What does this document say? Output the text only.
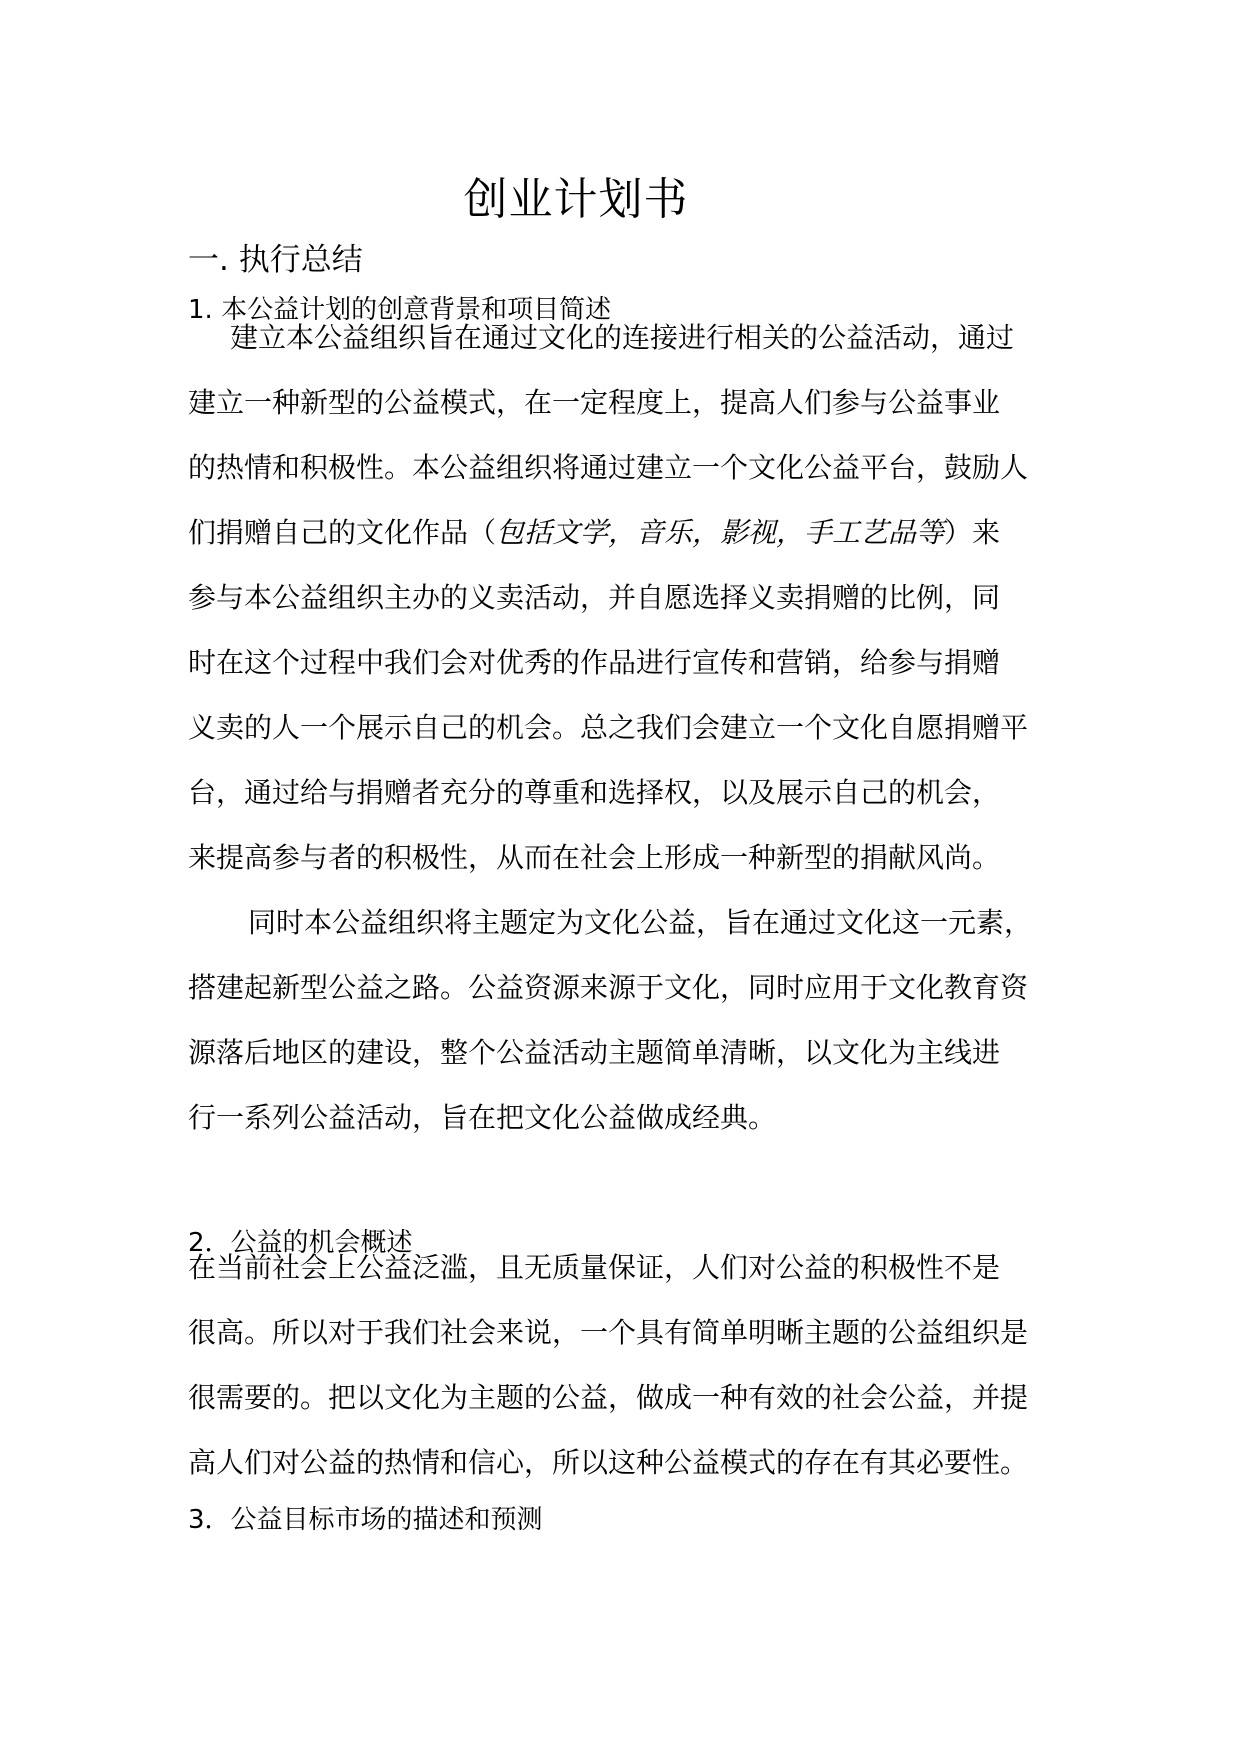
创业计划书
一. 执行总结
1. 本公益计划的创意背景和项目简述
建立本公益组织旨在通过文化的连接进行相关的公益活动，通过
建立一种新型的公益模式，在一定程度上，提高人们参与公益事业
的热情和积极性。本公益组织将通过建立一个文化公益平台，鼓励人
们捐赠自己的文化作品（包括文学，音乐，影视，手工艺品等）来
参与本公益组织主办的义卖活动，并自愿选择义卖捐赠的比例，同
时在这个过程中我们会对优秀的作品进行宣传和营销，给参与捐赠
义卖的人一个展示自己的机会。总之我们会建立一个文化自愿捐赠平
台，通过给与捐赠者充分的尊重和选择权，以及展示自己的机会，
来提高参与者的积极性，从而在社会上形成一种新型的捐献风尚。
同时本公益组织将主题定为文化公益，旨在通过文化这一元素，
搭建起新型公益之路。公益资源来源于文化，同时应用于文化教育资
源落后地区的建设，整个公益活动主题简单清晰，以文化为主线进
行一系列公益活动，旨在把文化公益做成经典。
2．公益的机会概述
在当前社会上公益泛滥，且无质量保证，人们对公益的积极性不是
很高。所以对于我们社会来说，一个具有简单明晰主题的公益组织是
很需要的。把以文化为主题的公益，做成一种有效的社会公益，并提
高人们对公益的热情和信心，所以这种公益模式的存在有其必要性。
3．公益目标市场的描述和预测
